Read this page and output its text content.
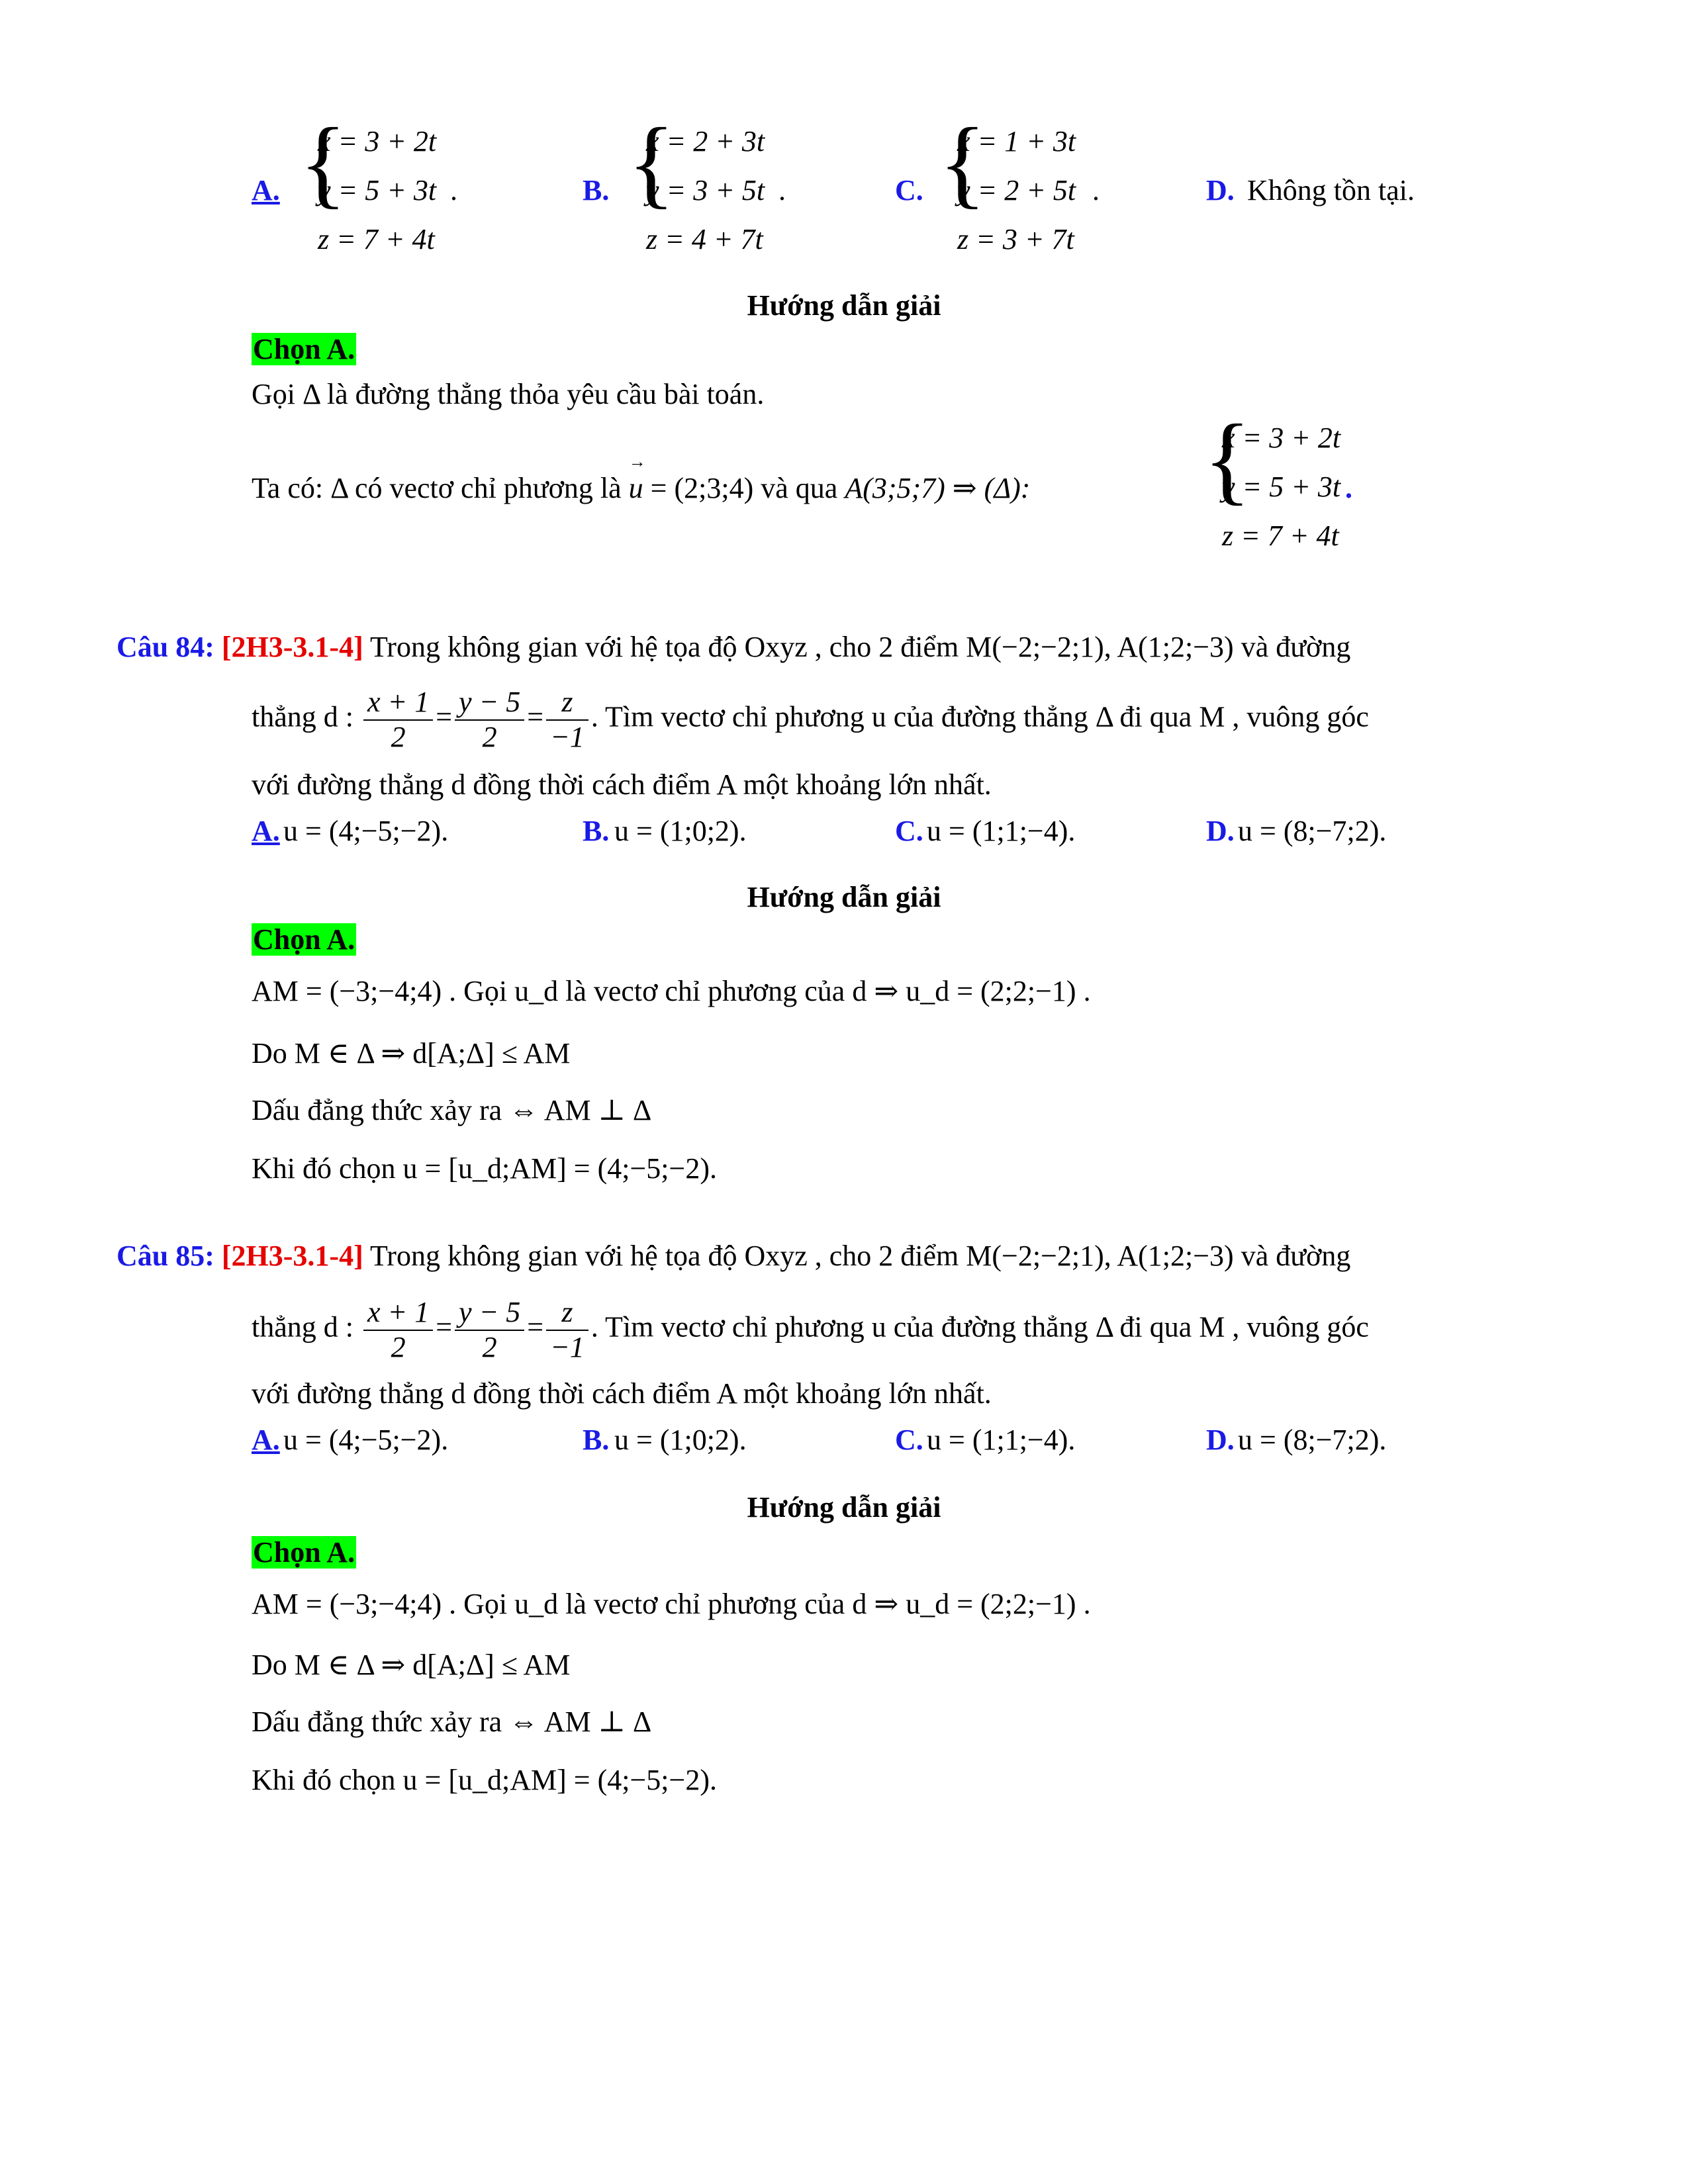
A. {
x = 3 + 2t
y = 5 + 3t
z = 7 + 4t
.	B. {
x = 2 + 3t
y = 3 + 5t
z = 4 + 7t
.	C. {
x = 1 + 3t
y = 2 + 5t
z = 3 + 7t
.	D. Không tồn tại.
Hướng dẫn giải
Chọn A.
Gọi Δ là đường thẳng thỏa yêu cầu bài toán.
Ta có: Δ có vectơ chỉ phương là → u = (2;3;4) và qua A(3;5;7) ⇒ (Δ): {
x = 3 + 2t
y = 5 + 3t
z = 7 + 4t
.
Câu 84: [2H3-3.1-4] Trong không gian với hệ tọa độ Oxyz , cho 2 điểm M(−2;−2;1), A(1;2;−3) và đường
thẳng d : $\frac{x + 1}{2} = \frac{y - 5}{2} = \frac{z}{-1}$ . Tìm vectơ chỉ phương u của đường thẳng Δ đi qua M , vuông góc
với đường thẳng d đồng thời cách điểm A một khoảng lớn nhất.
A. u = (4;−5;−2).	B. u = (1;0;2).	C. u = (1;1;−4).	D. u = (8;−7;2).
Hướng dẫn giải
Chọn A.
AM = (−3;−4;4) . Gọi u_d là vectơ chỉ phương của d ⇒ u_d = (2;2;−1) .
Do M ∈ Δ ⇒ d[A;Δ] ≤ AM
Dấu đẳng thức xảy ra ⇔ AM ⊥ Δ
Khi đó chọn u = [u_d;AM] = (4;−5;−2).
Câu 85: [2H3-3.1-4] Trong không gian với hệ tọa độ Oxyz , cho 2 điểm M(−2;−2;1), A(1;2;−3) và đường
thẳng d : $\frac{x + 1}{2} = \frac{y - 5}{2} = \frac{z}{-1}$ . Tìm vectơ chỉ phương u của đường thẳng Δ đi qua M , vuông góc
với đường thẳng d đồng thời cách điểm A một khoảng lớn nhất.
A. u = (4;−5;−2).	B. u = (1;0;2).	C. u = (1;1;−4).	D. u = (8;−7;2).
Hướng dẫn giải
Chọn A.
AM = (−3;−4;4) . Gọi u_d là vectơ chỉ phương của d ⇒ u_d = (2;2;−1) .
Do M ∈ Δ ⇒ d[A;Δ] ≤ AM
Dấu đẳng thức xảy ra ⇔ AM ⊥ Δ
Khi đó chọn u = [u_d;AM] = (4;−5;−2).
